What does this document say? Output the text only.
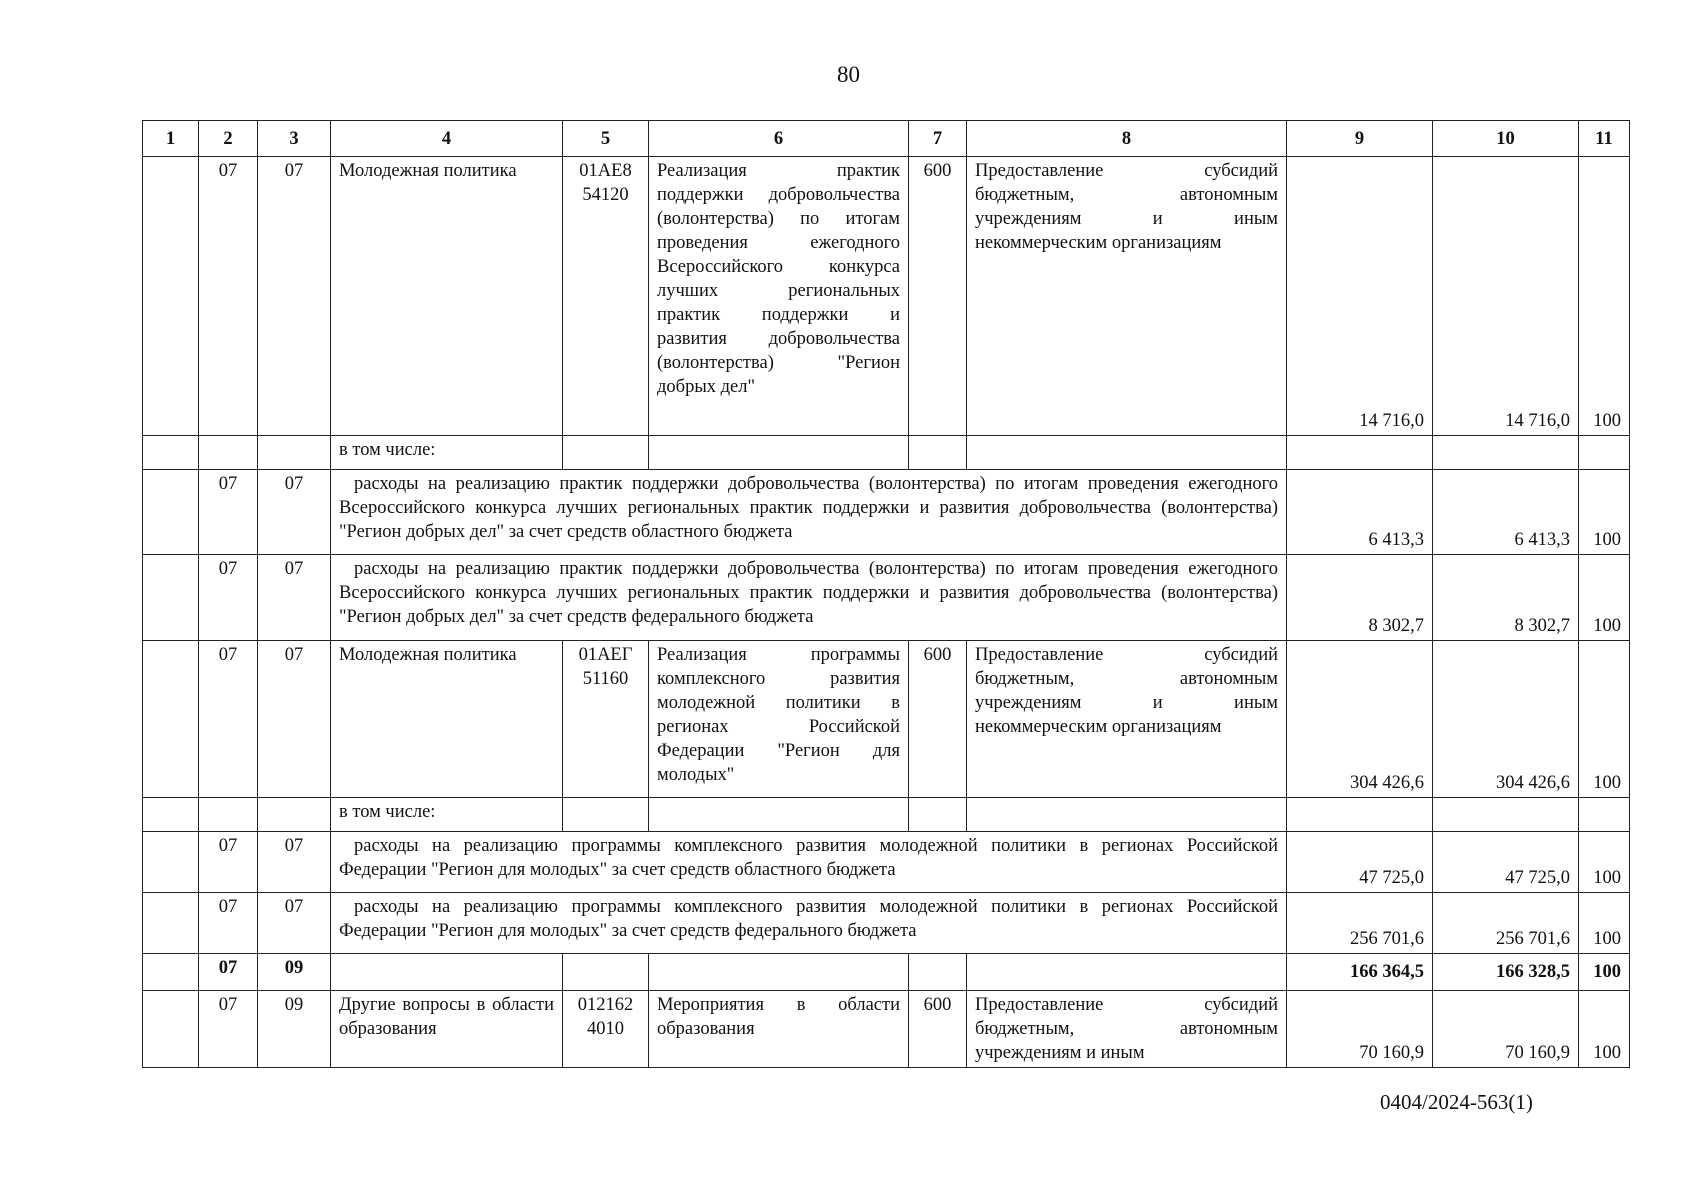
80
1	2	3	4	5	6	7	8	9	10	11
	07	07	Молодежная политика	01АЕ8 54120	Реализация практик поддержки добровольчества (волонтерства) по итогам проведения ежегодного Всероссийского конкурса лучших региональных практик поддержки и развития добровольчества (волонтерства) "Регион добрых дел"	600	Предоставление субсидий бюджетным, автономным учреждениям и иным некоммерческим организациям	14 716,0	14 716,0	100
			в том числе:							
	07	07	расходы на реализацию практик поддержки добровольчества (волонтерства) по итогам проведения ежегодного Всероссийского конкурса лучших региональных практик поддержки и развития добровольчества (волонтерства) "Регион добрых дел" за счет средств областного бюджета					6 413,3	6 413,3	100
	07	07	расходы на реализацию практик поддержки добровольчества (волонтерства) по итогам проведения ежегодного Всероссийского конкурса лучших региональных практик поддержки и развития добровольчества (волонтерства) "Регион добрых дел" за счет средств федерального бюджета					8 302,7	8 302,7	100
	07	07	Молодежная политика	01АЕГ 51160	Реализация программы комплексного развития молодежной политики в регионах Российской Федерации "Регион для молодых"	600	Предоставление субсидий бюджетным, автономным учреждениям и иным некоммерческим организациям	304 426,6	304 426,6	100
			в том числе:							
	07	07	расходы на реализацию программы комплексного развития молодежной политики в регионах Российской Федерации "Регион для молодых" за счет средств областного бюджета					47 725,0	47 725,0	100
	07	07	расходы на реализацию программы комплексного развития молодежной политики в регионах Российской Федерации "Регион для молодых" за счет средств федерального бюджета					256 701,6	256 701,6	100
	07	09						166 364,5	166 328,5	100
	07	09	Другие вопросы в области образования	012162 4010	Мероприятия в области образования	600	Предоставление субсидий бюджетным, автономным учреждениям и иным	70 160,9	70 160,9	100
0404/2024-563(1)
